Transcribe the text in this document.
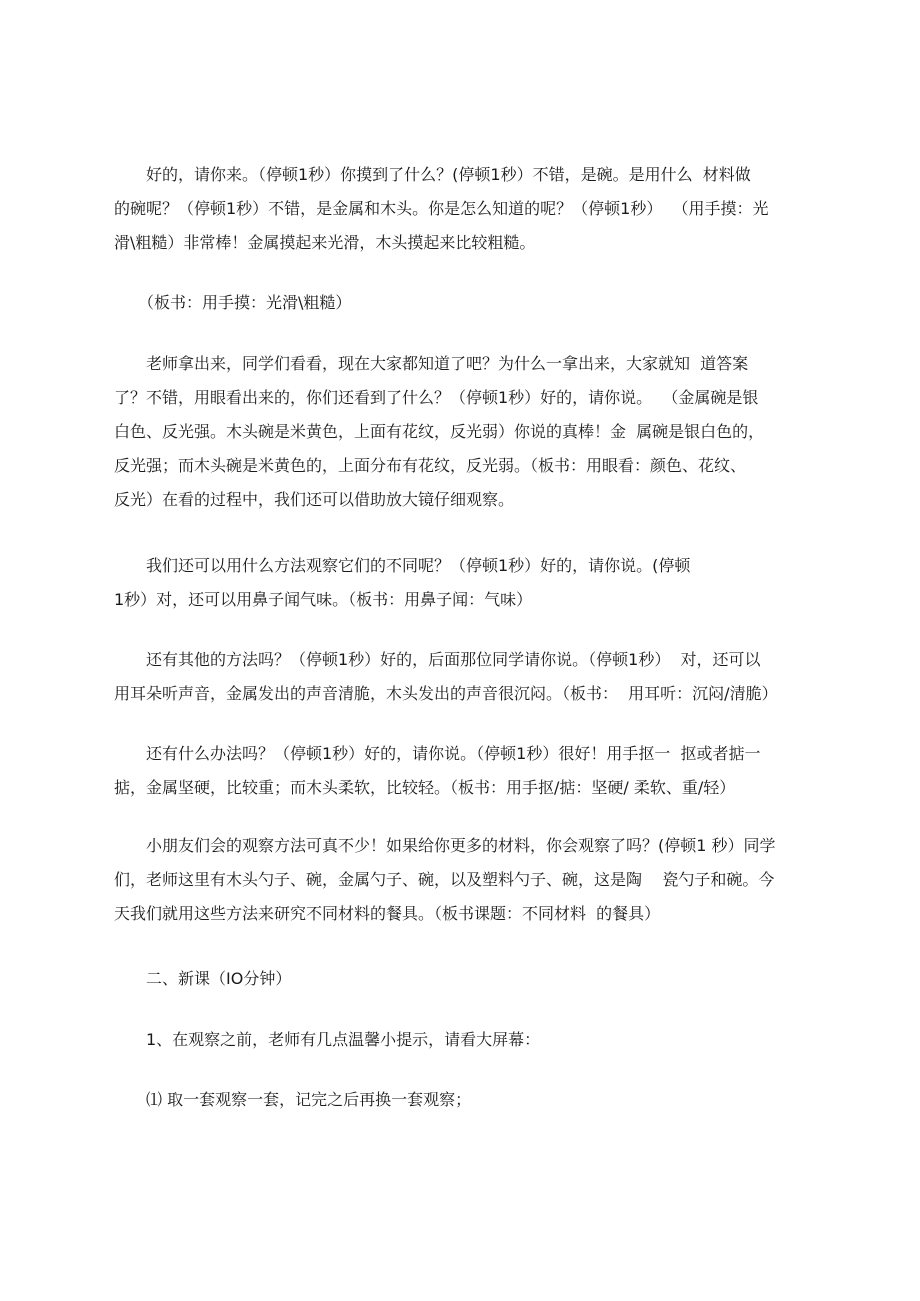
　　好的，请你来。（停顿1秒）你摸到了什么？(停顿1秒）不错，是碗。是用什么  材料做
的碗呢？（停顿1秒）不错，是金属和木头。你是怎么知道的呢？（停顿1秒）  （用手摸：光
滑\粗糙）非常棒！金属摸起来光滑，木头摸起来比较粗糙。
　　（板书：用手摸：光滑\粗糙）
　　老师拿出来，同学们看看，现在大家都知道了吧？为什么一拿出来，大家就知  道答案
了？不错，用眼看出来的，你们还看到了什么？（停顿1秒）好的，请你说。  （金属碗是银
白色、反光强。木头碗是米黄色，上面有花纹，反光弱）你说的真棒！金  属碗是银白色的，
反光强；而木头碗是米黄色的，上面分布有花纹，反光弱。（板书：用眼看：颜色、花纹、
反光）在看的过程中，我们还可以借助放大镜仔细观察。
　　我们还可以用什么方法观察它们的不同呢？（停顿1秒）好的，请你说。(停顿
1秒）对，还可以用鼻子闻气味。（板书：用鼻子闻：气味）
　　还有其他的方法吗？（停顿1秒）好的，后面那位同学请你说。（停顿1秒）  对，还可以
用耳朵听声音，金属发出的声音清脆，木头发出的声音很沉闷。（板书：  用耳听：沉闷/清脆）
　　还有什么办法吗？（停顿1秒）好的，请你说。（停顿1秒）很好！用手抠一  抠或者掂一
掂，金属坚硬，比较重；而木头柔软，比较轻。（板书：用手抠/掂：坚硬/ 柔软、重/轻）
　　小朋友们会的观察方法可真不少！如果给你更多的材料，你会观察了吗？(停顿1 秒）同学
们，老师这里有木头勺子、碗，金属勺子、碗，以及塑料勺子、碗，这是陶    瓷勺子和碗。今
天我们就用这些方法来研究不同材料的餐具。（板书课题：不同材料  的餐具）
　　二、新课（IO分钟）
　　1、在观察之前，老师有几点温馨小提示，请看大屏幕：
　　⑴ 取一套观察一套，记完之后再换一套观察；
